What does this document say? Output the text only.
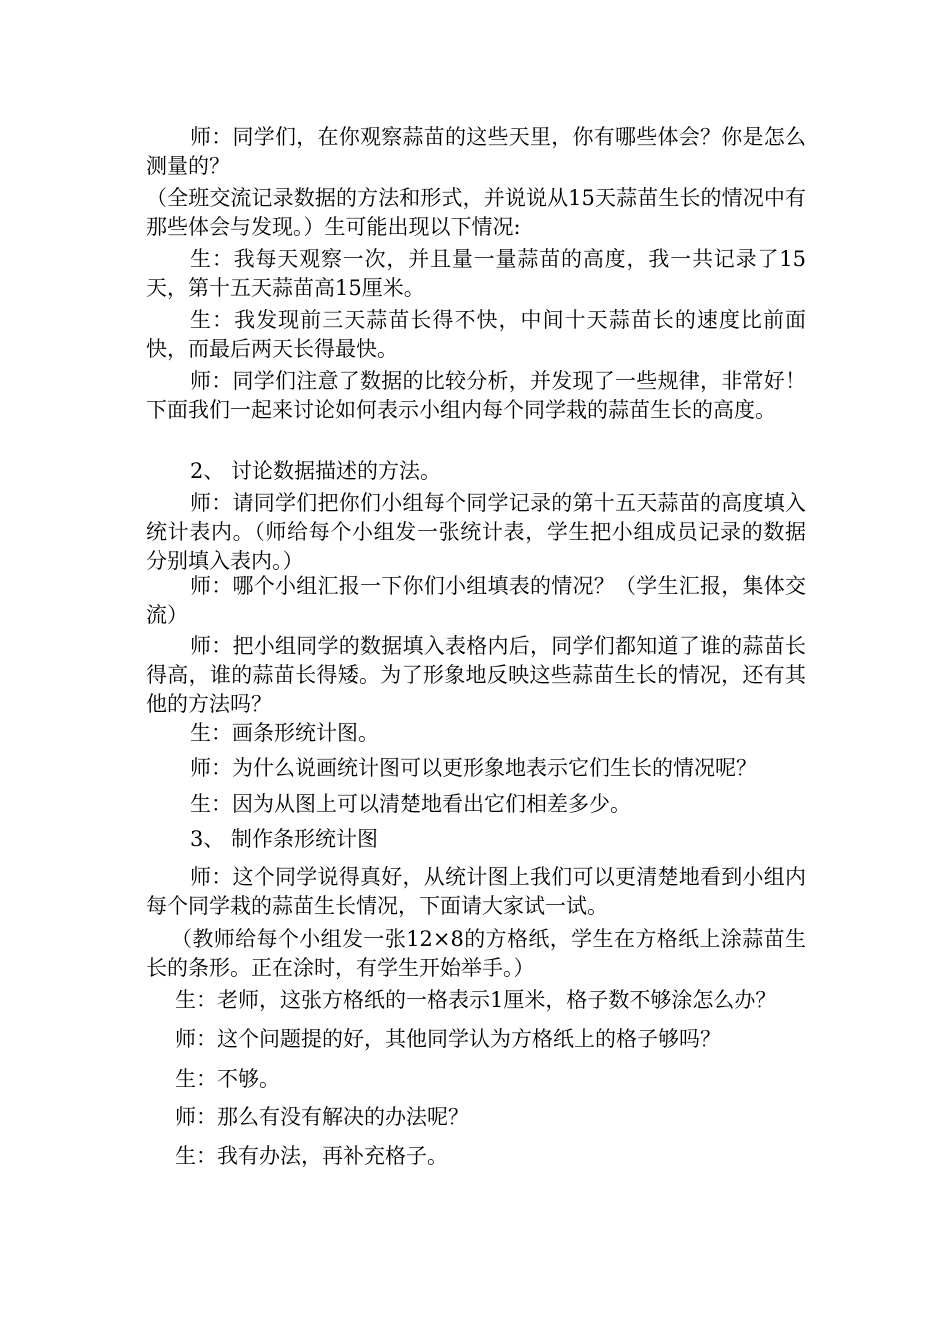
师：同学们，在你观察蒜苗的这些天里，你有哪些体会？你是怎么测量的？

（全班交流记录数据的方法和形式，并说说从15天蒜苗生长的情况中有那些体会与发现。）生可能出现以下情况:

生：我每天观察一次，并且量一量蒜苗的高度，我一共记录了15天，第十五天蒜苗高15厘米。

生：我发现前三天蒜苗长得不快，中间十天蒜苗长的速度比前面快，而最后两天长得最快。

师：同学们注意了数据的比较分析，并发现了一些规律，非常好！下面我们一起来讨论如何表示小组内每个同学栽的蒜苗生长的高度。

2、 讨论数据描述的方法。

师：请同学们把你们小组每个同学记录的第十五天蒜苗的高度填入统计表内。（师给每个小组发一张统计表，学生把小组成员记录的数据分别填入表内。）

师：哪个小组汇报一下你们小组填表的情况？（学生汇报，集体交流）

师：把小组同学的数据填入表格内后，同学们都知道了谁的蒜苗长得高，谁的蒜苗长得矮。为了形象地反映这些蒜苗生长的情况，还有其他的方法吗？

生：画条形统计图。

师：为什么说画统计图可以更形象地表示它们生长的情况呢？

生：因为从图上可以清楚地看出它们相差多少。

3、 制作条形统计图

师：这个同学说得真好，从统计图上我们可以更清楚地看到小组内每个同学栽的蒜苗生长情况，下面请大家试一试。

（教师给每个小组发一张12×8的方格纸，学生在方格纸上涂蒜苗生长的条形。正在涂时，有学生开始举手。）

生：老师，这张方格纸的一格表示1厘米，格子数不够涂怎么办？

师：这个问题提的好，其他同学认为方格纸上的格子够吗？

生：不够。

师：那么有没有解决的办法呢？

生：我有办法，再补充格子。
